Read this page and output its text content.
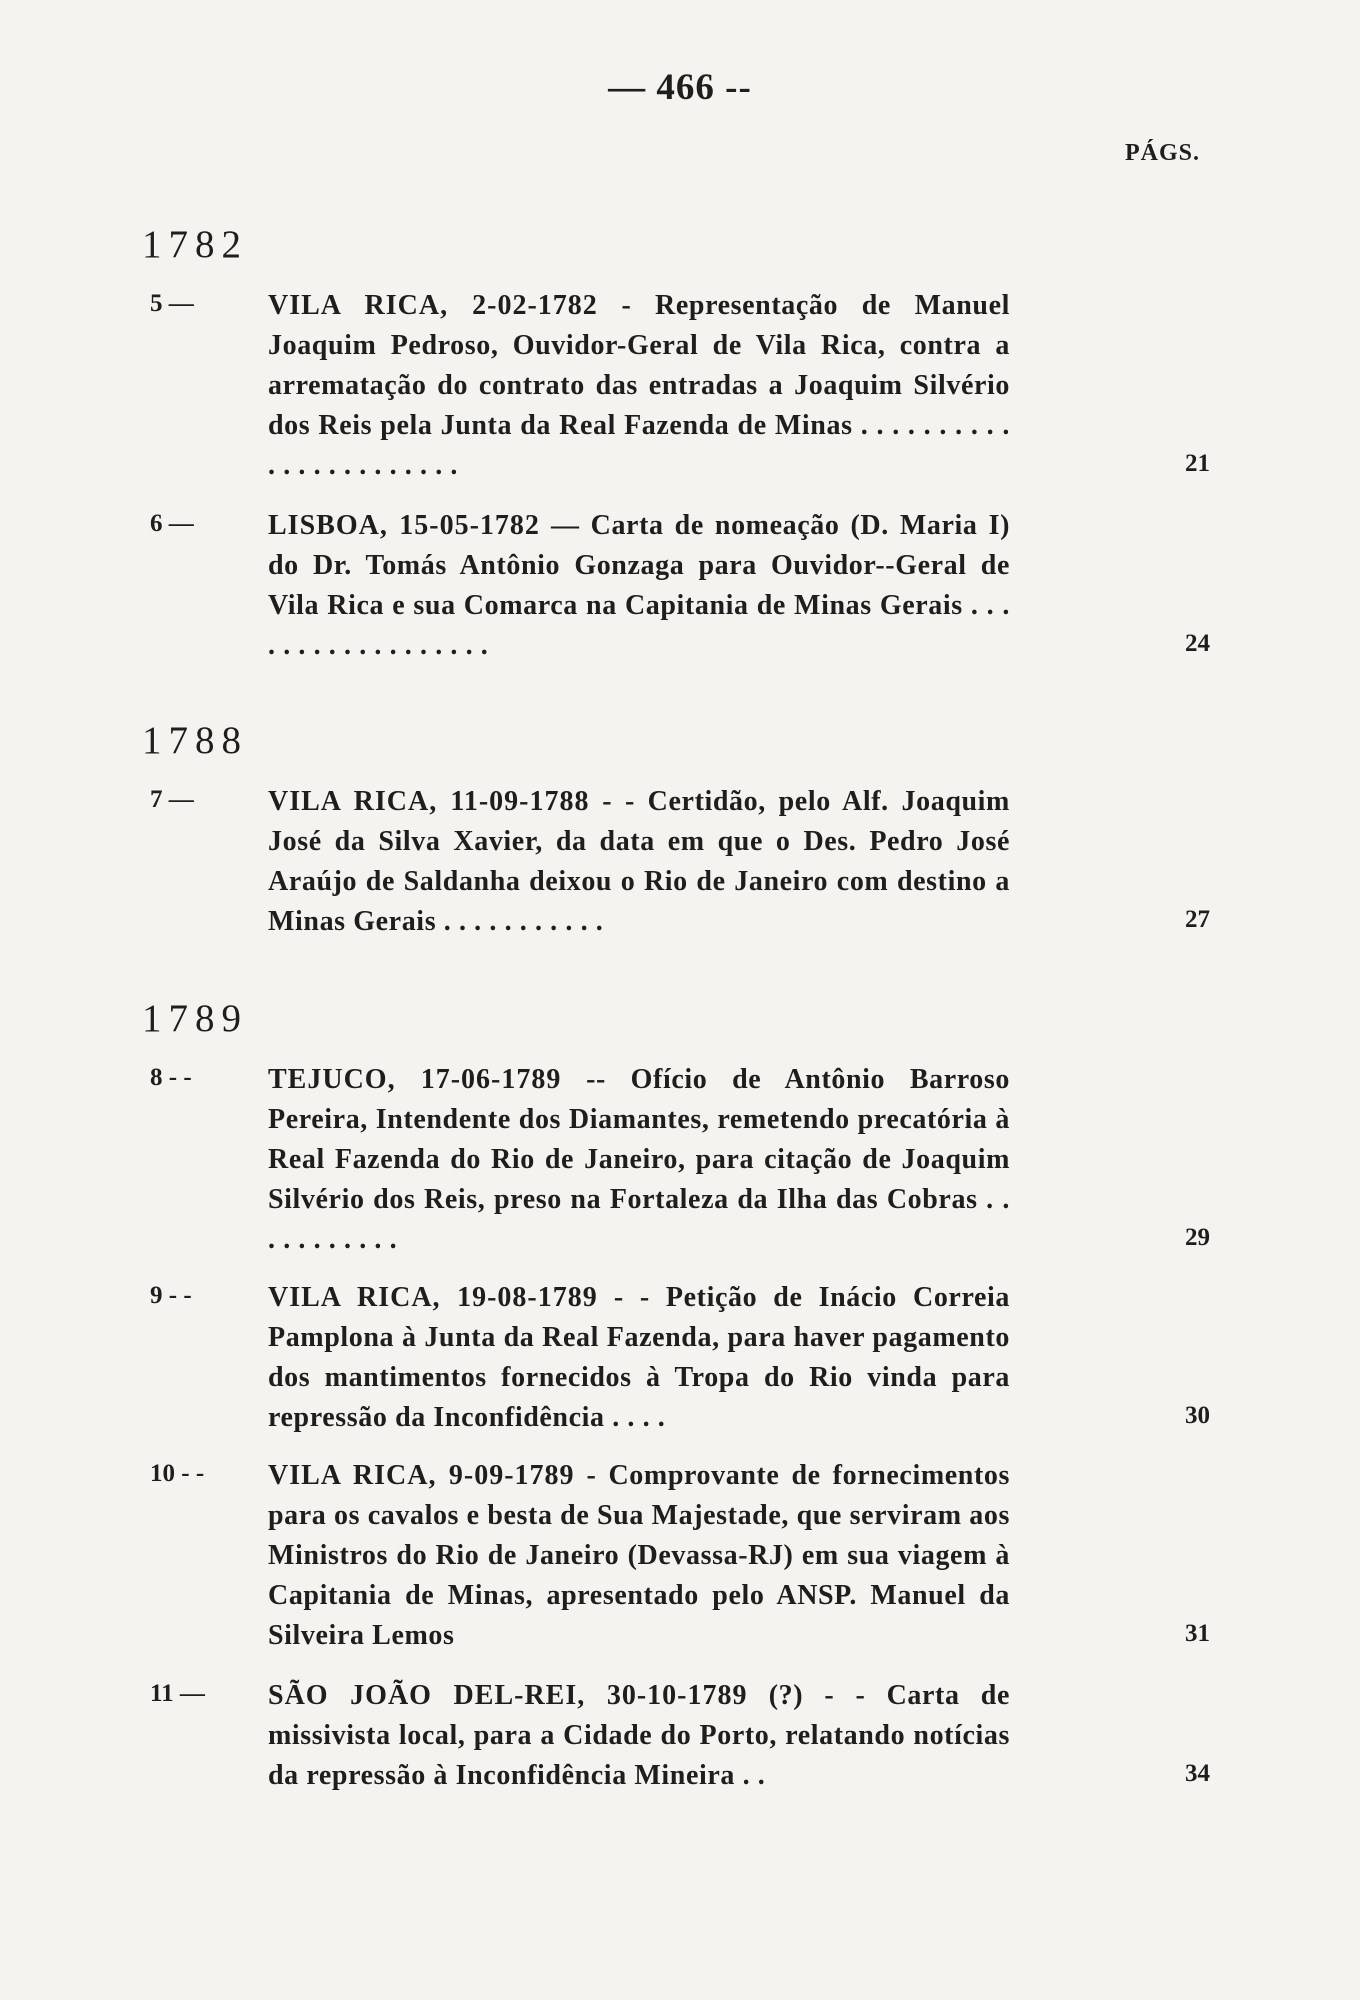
— 466 --
PÁGS.
1782
5 —	VILA RICA, 2-02-1782 - Representação de Manuel Joaquim Pedroso, Ouvidor-Geral de Vila Rica, contra a arrematação do contrato das entradas a Joaquim Silvério dos Reis pela Junta da Real Fazenda de Minas . . . . . . . . . . . . . . . . . . . . . . .	21
6 —	LISBOA, 15-05-1782 — Carta de nomeação (D. Maria I) do Dr. Tomás Antônio Gonzaga para Ouvidor--Geral de Vila Rica e sua Comarca na Capitania de Minas Gerais . . . . . . . . . . . . . . . . . .	24
1788
7 —	VILA RICA, 11-09-1788 - - Certidão, pelo Alf. Joaquim José da Silva Xavier, da data em que o Des. Pedro José Araújo de Saldanha deixou o Rio de Janeiro com destino a Minas Gerais . . . . . . . . . . .	27
1789
8 - -	TEJUCO, 17-06-1789 -- Ofício de Antônio Barroso Pereira, Intendente dos Diamantes, remetendo precatória à Real Fazenda do Rio de Janeiro, para citação de Joaquim Silvério dos Reis, preso na Fortaleza da Ilha das Cobras . . . . . . . . . . .	29
9 - -	VILA RICA, 19-08-1789 - - Petição de Inácio Correia Pamplona à Junta da Real Fazenda, para haver pagamento dos mantimentos fornecidos à Tropa do Rio vinda para repressão da Inconfidência . . . .	30
10 - -	VILA RICA, 9-09-1789 - Comprovante de fornecimentos para os cavalos e besta de Sua Majestade, que serviram aos Ministros do Rio de Janeiro (Devassa-RJ) em sua viagem à Capitania de Minas, apresentado pelo ANSP. Manuel da Silveira Lemos	31
11 —	SÃO JOÃO DEL-REI, 30-10-1789 (?) - - Carta de missivista local, para a Cidade do Porto, relatando notícias da repressão à Inconfidência Mineira . .	34
